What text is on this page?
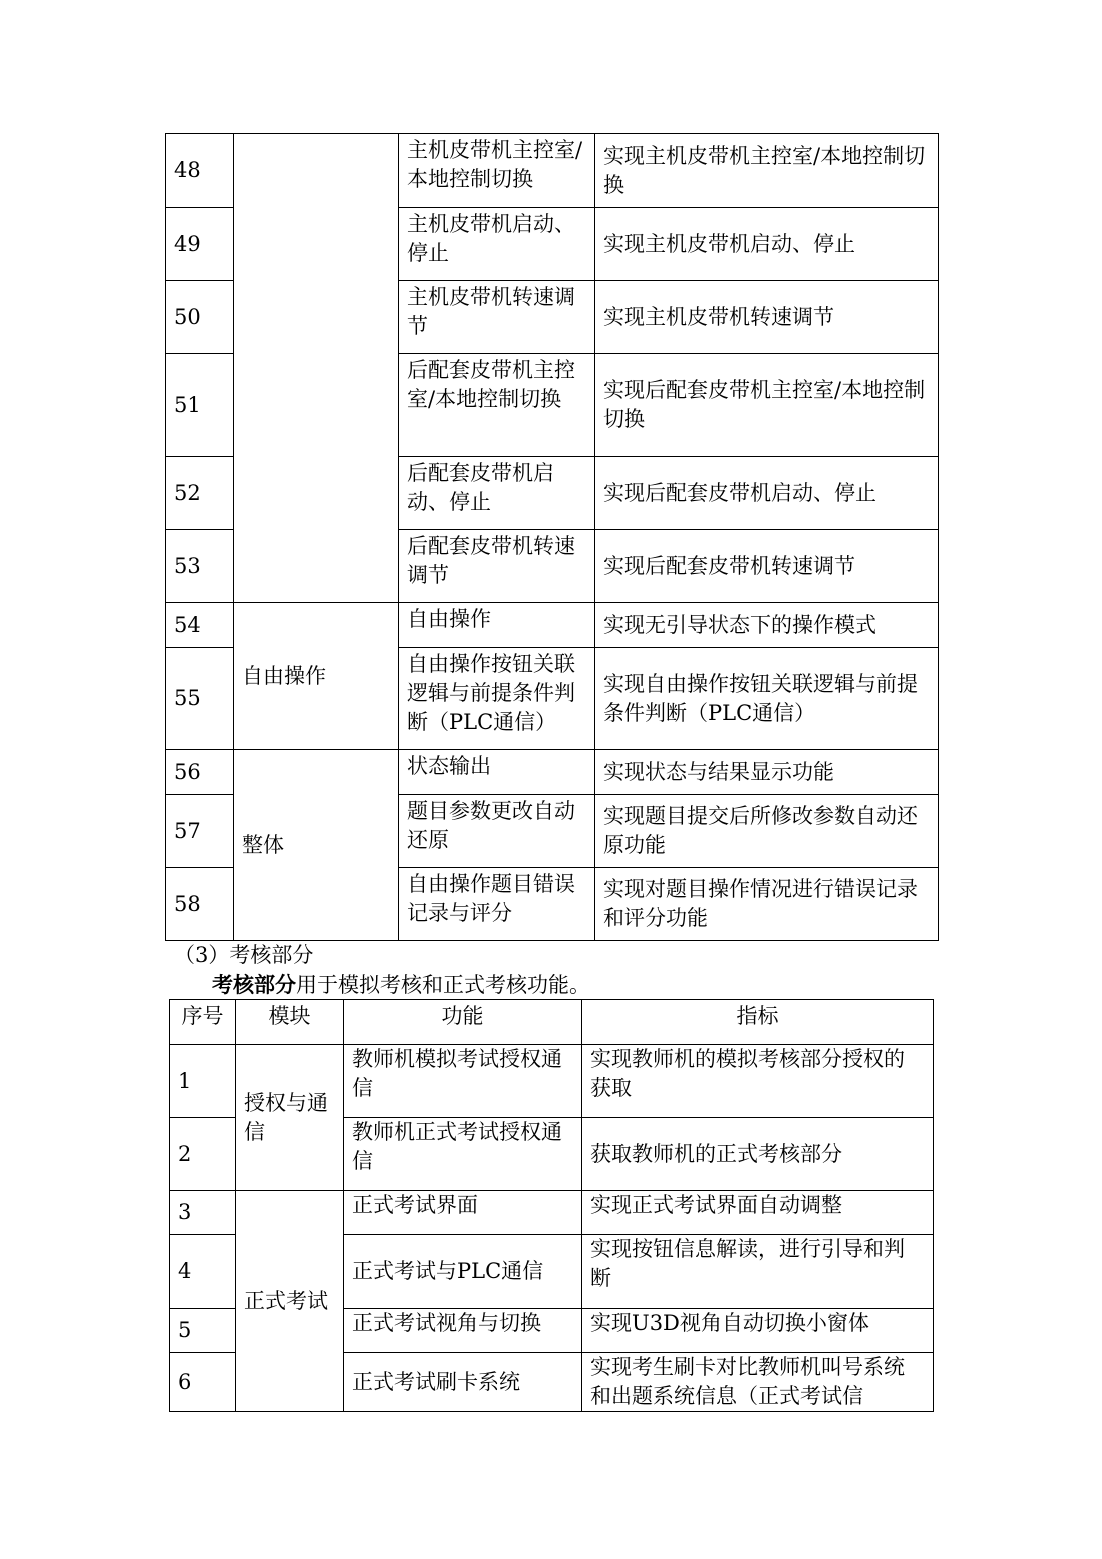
48		主机皮带机主控室/本地控制切换	实现主机皮带机主控室/本地控制切换
49		主机皮带机启动、停止	实现主机皮带机启动、停止
50		主机皮带机转速调节	实现主机皮带机转速调节
51		后配套皮带机主控室/本地控制切换	实现后配套皮带机主控室/本地控制切换
52		后配套皮带机启动、停止	实现后配套皮带机启动、停止
53		后配套皮带机转速调节	实现后配套皮带机转速调节
54	自由操作	自由操作	实现无引导状态下的操作模式
55		自由操作按钮关联逻辑与前提条件判断（PLC通信）	实现自由操作按钮关联逻辑与前提条件判断（PLC通信）
56	整体	状态输出	实现状态与结果显示功能
57		题目参数更改自动还原	实现题目提交后所修改参数自动还原功能
58		自由操作题目错误记录与评分	实现对题目操作情况进行错误记录和评分功能
（3）考核部分
考核部分用于模拟考核和正式考核功能。
序号	模块	功能	指标
1	授权与通信	教师机模拟考试授权通信	实现教师机的模拟考核部分授权的获取
2		教师机正式考试授权通信	获取教师机的正式考核部分
3	正式考试	正式考试界面	实现正式考试界面自动调整
4		正式考试与PLC通信	实现按钮信息解读，进行引导和判断
5		正式考试视角与切换	实现U3D视角自动切换小窗体
6		正式考试刷卡系统	实现考生刷卡对比教师机叫号系统和出题系统信息（正式考试信
